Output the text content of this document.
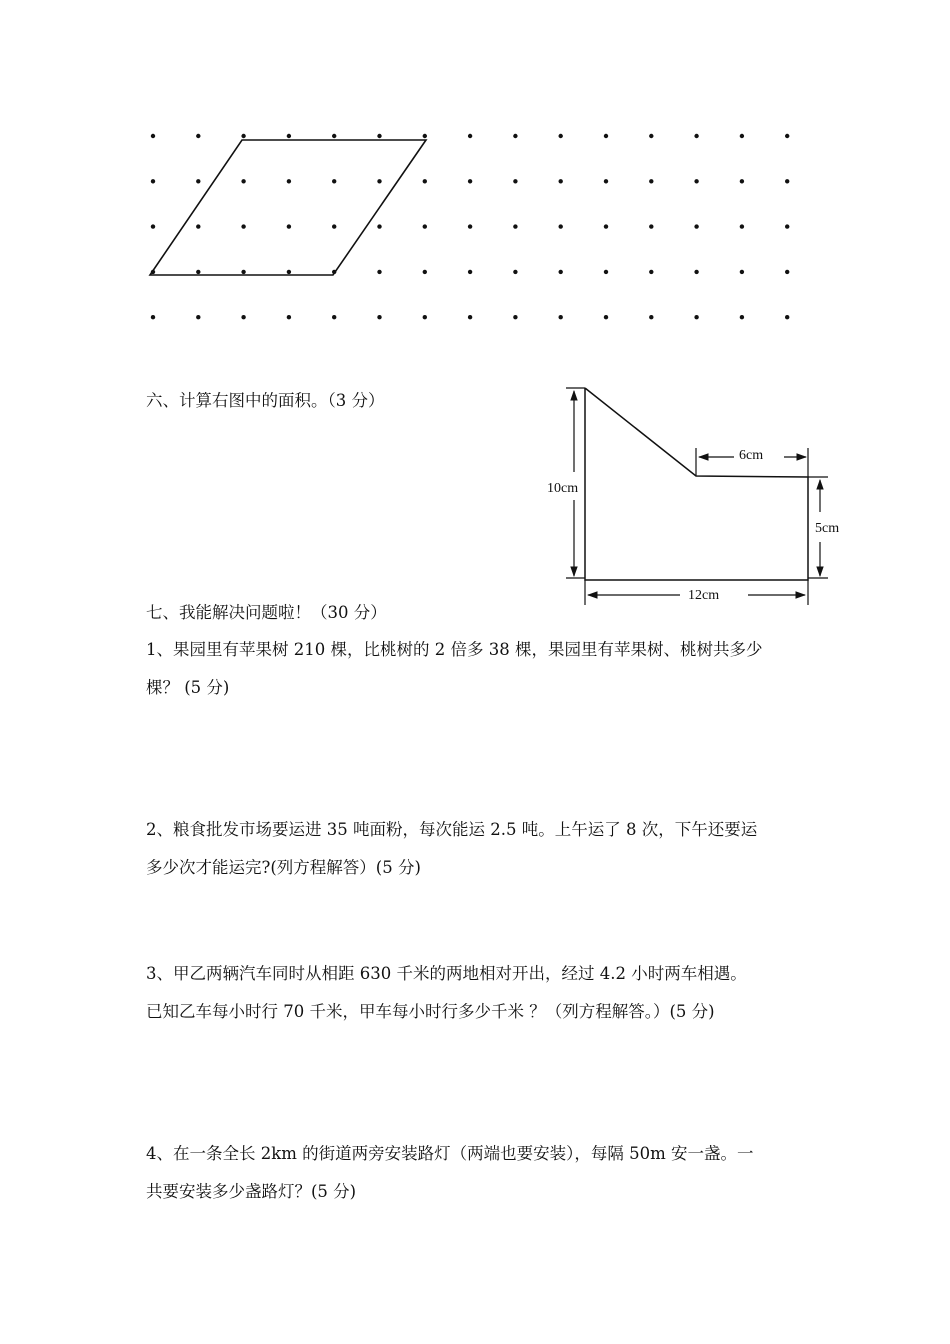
10cm
6cm
5cm
12cm
六、计算右图中的面积。（3 分）
七、我能解决问题啦！（30 分）
1、果园里有苹果树 210 棵，比桃树的 2 倍多 38 棵，果园里有苹果树、桃树共多少
棵？ (5 分)
2、粮食批发市场要运进 35 吨面粉，每次能运 2.5 吨。上午运了 8 次，下午还要运
多少次才能运完?(列方程解答）(5 分)
3、甲乙两辆汽车同时从相距 630 千米的两地相对开出，经过 4.2 小时两车相遇。
已知乙车每小时行 70 千米，甲车每小时行多少千米 ？（列方程解答。）(5 分)
4、在一条全长 2km 的街道两旁安装路灯（两端也要安装），每隔 50m 安一盏。一
共要安装多少盏路灯？(5 分)
